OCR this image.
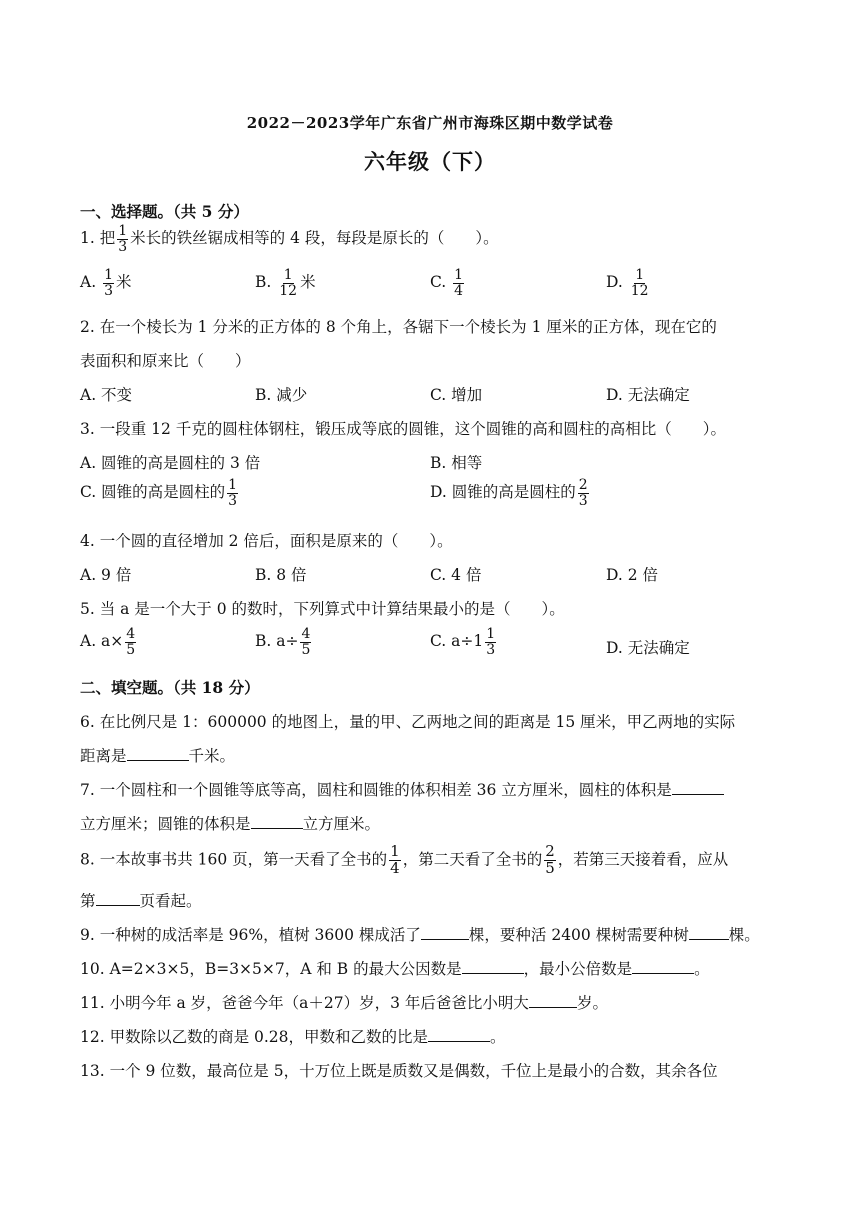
2022－2023学年广东省广州市海珠区期中数学试卷
六年级（下）
一、选择题。（共 5 分）
1. 把 $\frac{1}{3}$ 米长的铁丝锯成相等的 4 段，每段是原长的（　　）。
A. $\frac{1}{3}$ 米	B. $\frac{1}{12}$ 米	C. $\frac{1}{4}$	D. $\frac{1}{12}$
2. 在一个棱长为 1 分米的正方体的 8 个角上，各锯下一个棱长为 1 厘米的正方体，现在它的
表面积和原来比（　　）
A. 不变	B. 减少	C. 增加	D. 无法确定
3. 一段重 12 千克的圆柱体钢柱，锻压成等底的圆锥，这个圆锥的高和圆柱的高相比（　　）。
A. 圆锥的高是圆柱的 3 倍	B. 相等
C. 圆锥的高是圆柱的 $\frac{1}{3}$	D. 圆锥的高是圆柱的 $\frac{2}{3}$
4. 一个圆的直径增加 2 倍后，面积是原来的（　　）。
A. 9 倍	B. 8 倍	C. 4 倍	D. 2 倍
5. 当 a 是一个大于 0 的数时，下列算式中计算结果最小的是（　　）。
A. $a\times \frac{4}{5}$	B. $a\div \frac{4}{5}$	C. $a\div 1 \frac{1}{3}$	D. 无法确定
二、填空题。（共 18 分）
6. 在比例尺是 1：600000 的地图上，量的甲、乙两地之间的距离是 15 厘米，甲乙两地的实际
距离是	千米。
7. 一个圆柱和一个圆锥等底等高，圆柱和圆锥的体积相差 36 立方厘米，圆柱的体积是
立方厘米；圆锥的体积是	立方厘米。
8. 一本故事书共 160 页，第一天看了全书的 $\frac{1}{4}$ ，第二天看了全书的 $\frac{2}{5}$ ，若第三天接着看，应从
第	页看起。
9. 一种树的成活率是 96%，植树 3600 棵成活了	棵，要种活 2400 棵树需要种树	棵。
10. A=2×3×5，B=3×5×7，A 和 B 的最大公因数是	，最小公倍数是	。
11. 小明今年 a 岁，爸爸今年（a＋27）岁，3 年后爸爸比小明大	岁。
12. 甲数除以乙数的商是 0.28，甲数和乙数的比是	。
13. 一个 9 位数，最高位是 5，十万位上既是质数又是偶数，千位上是最小的合数，其余各位
